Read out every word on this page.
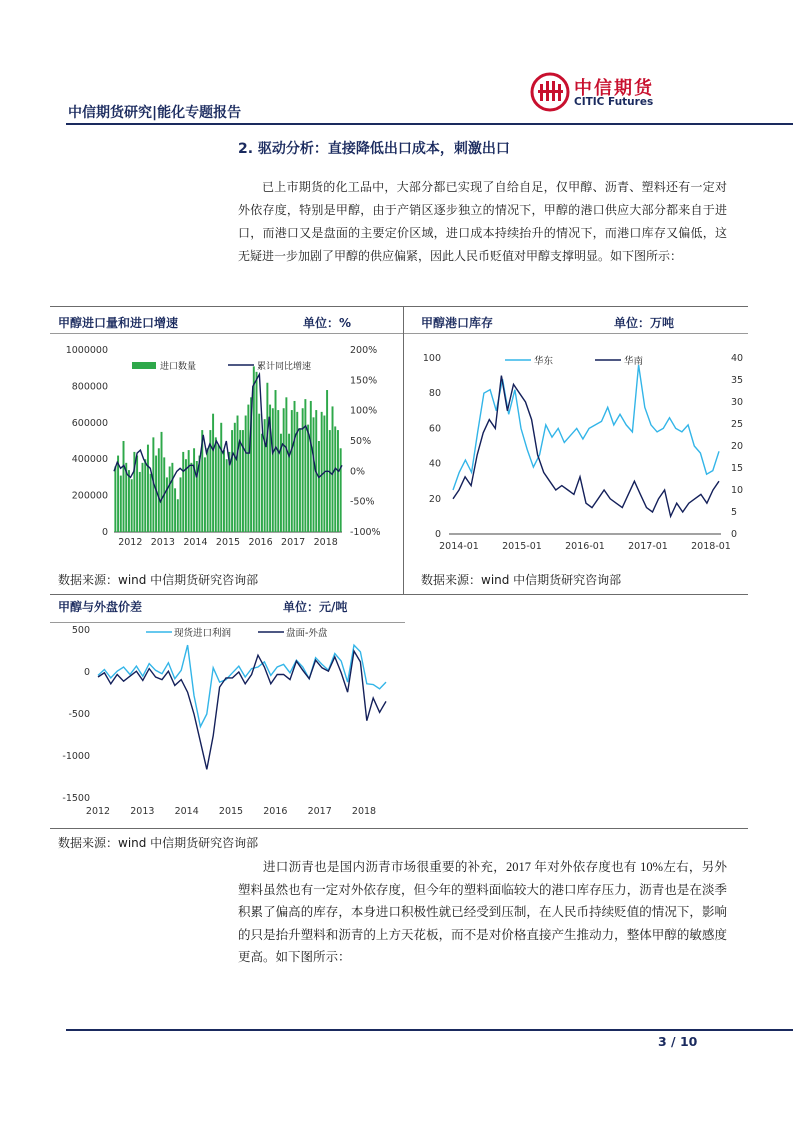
中信期货研究|能化专题报告
中信期货
CITIC Futures
2. 驱动分析：直接降低出口成本，刺激出口
已上市期货的化工品中，大部分都已实现了自给自足，仅甲醇、沥青、塑料还有一定对外依存度，特别是甲醇，由于产销区逐步独立的情况下，甲醇的港口供应大部分都来自于进口，而港口又是盘面的主要定价区域，进口成本持续抬升的情况下，而港口库存又偏低，这无疑进一步加剧了甲醇的供应偏紧，因此人民币贬值对甲醇支撑明显。如下图所示：
甲醇进口量和进口增速	单位：%
数据来源：wind 中信期货研究咨询部
甲醇港口库存	单位：万吨
数据来源：wind 中信期货研究咨询部
甲醇与外盘价差	单位：元/吨
数据来源：wind 中信期货研究咨询部
1000000
800000
600000
400000
200000
0
200%
150%
100%
50%
0%
-50%
-100%
2012 2013 2014 2015 2016 2017 2018
进口数量	累计同比增速
100
80
60
40
20
0
40
35
30
25
20
15
10
5
0
2014-01 2015-01 2016-01 2017-01 2018-01
华东	华南
500
0
-500
-1000
-1500
2012 2013 2014 2015 2016 2017 2018
现货进口利润	盘面-外盘
进口沥青也是国内沥青市场很重要的补充，2017 年对外依存度也有 10%左右，另外塑料虽然也有一定对外依存度，但今年的塑料面临较大的港口库存压力，沥青也是在淡季积累了偏高的库存，本身进口积极性就已经受到压制，在人民币持续贬值的情况下，影响的只是抬升塑料和沥青的上方天花板，而不是对价格直接产生推动力，整体甲醇的敏感度更高。如下图所示：
3 / 10
